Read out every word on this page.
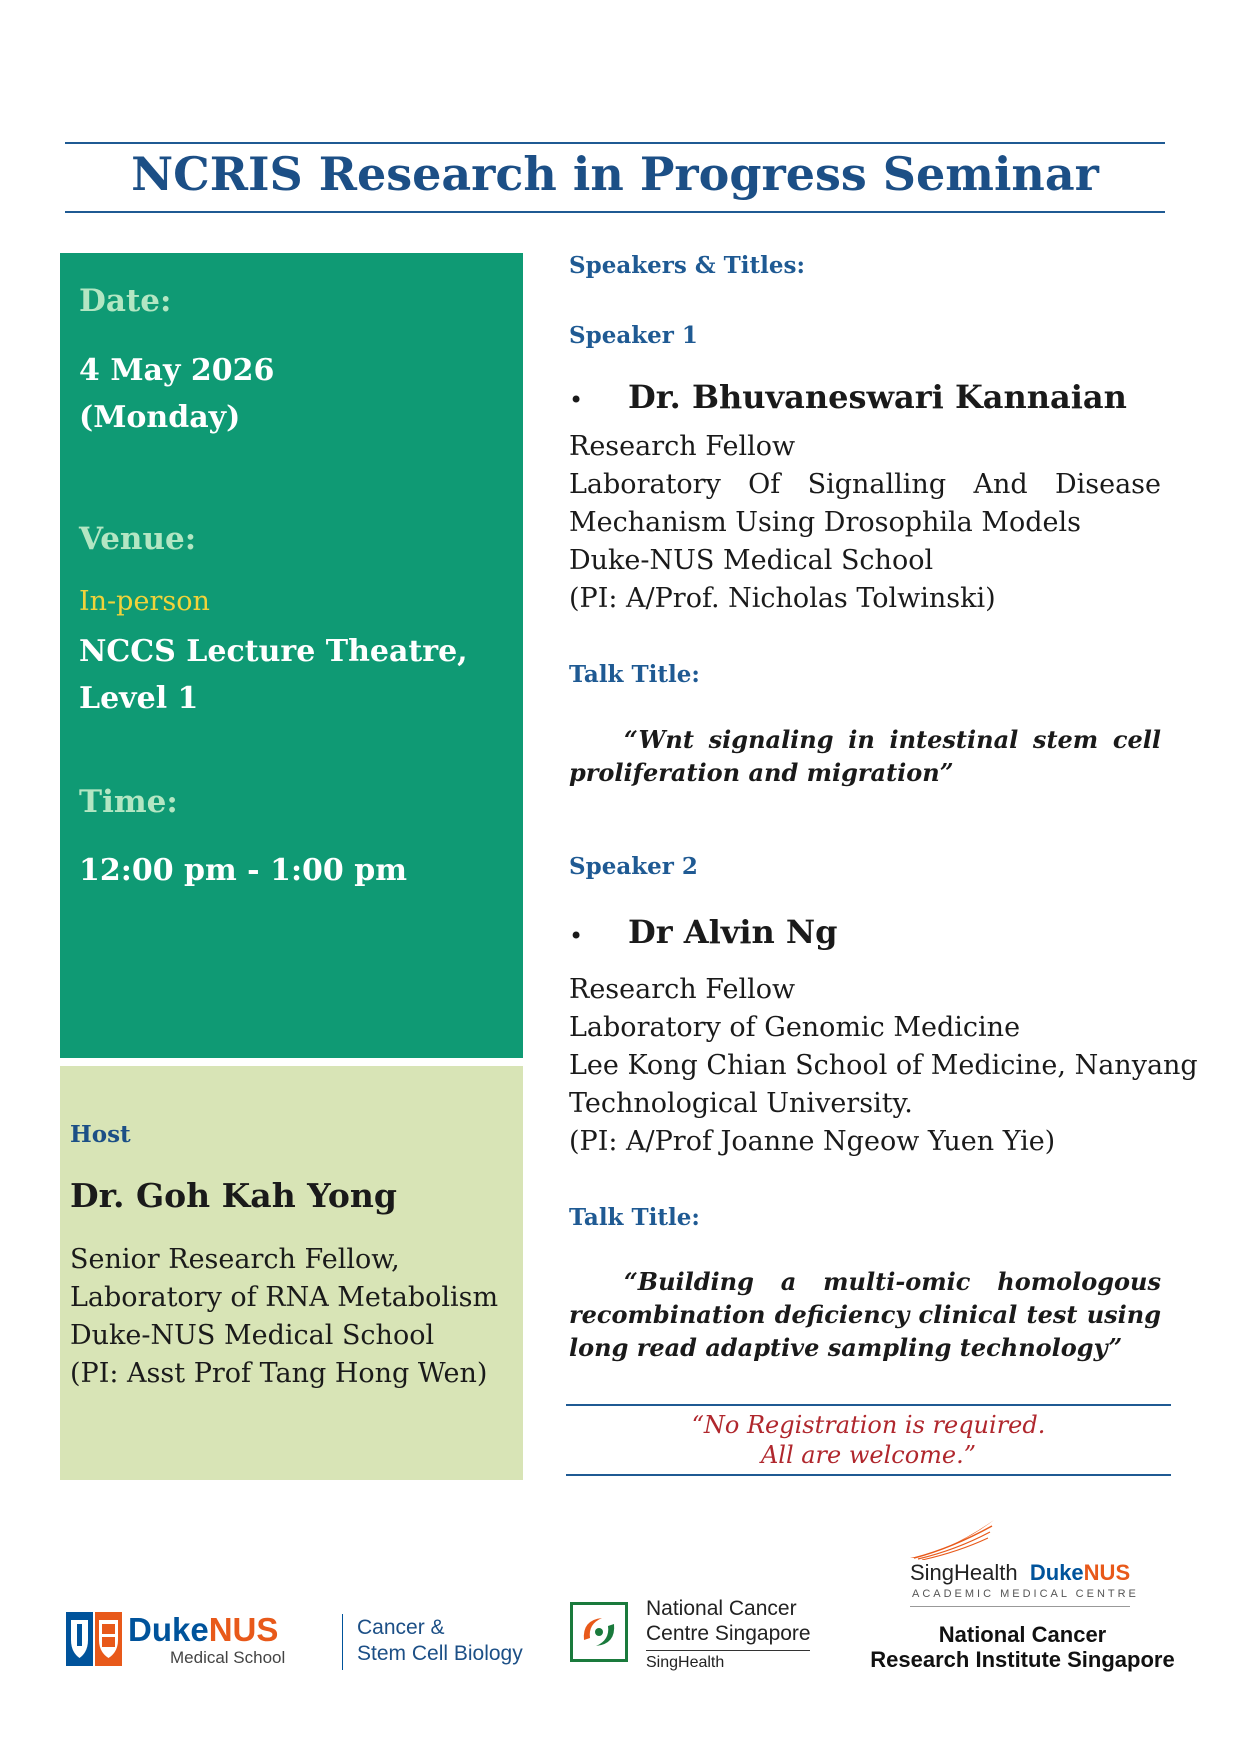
NCRIS Research in Progress Seminar
Date:
4 May 2026
(Monday)
Venue:
In-person
NCCS Lecture Theatre,
Level 1
Time:
12:00 pm - 1:00 pm
Host
Dr. Goh Kah Yong
Senior Research Fellow,
Laboratory of RNA Metabolism
Duke-NUS Medical School
(PI: Asst Prof Tang Hong Wen)
Speakers & Titles:
Speaker 1
• Dr. Bhuvaneswari Kannaian
Research Fellow
Laboratory Of Signalling And Disease
Mechanism Using Drosophila Models
Duke-NUS Medical School
(PI: A/Prof. Nicholas Tolwinski)
Talk Title:
“Wnt signaling in intestinal stem cell
proliferation and migration”
Speaker 2
• Dr Alvin Ng
Research Fellow
Laboratory of Genomic Medicine
Lee Kong Chian School of Medicine, Nanyang
Technological University.
(PI: A/Prof Joanne Ngeow Yuen Yie)
Talk Title:
“Building a multi-omic homologous
recombination deficiency clinical test using
long read adaptive sampling technology”
“No Registration is required.
All are welcome.”
DukeNUS
Medical School
Cancer &
Stem Cell Biology
National Cancer
Centre Singapore
SingHealth
SingHealth DukeNUS
ACADEMIC MEDICAL CENTRE
National Cancer
Research Institute Singapore
